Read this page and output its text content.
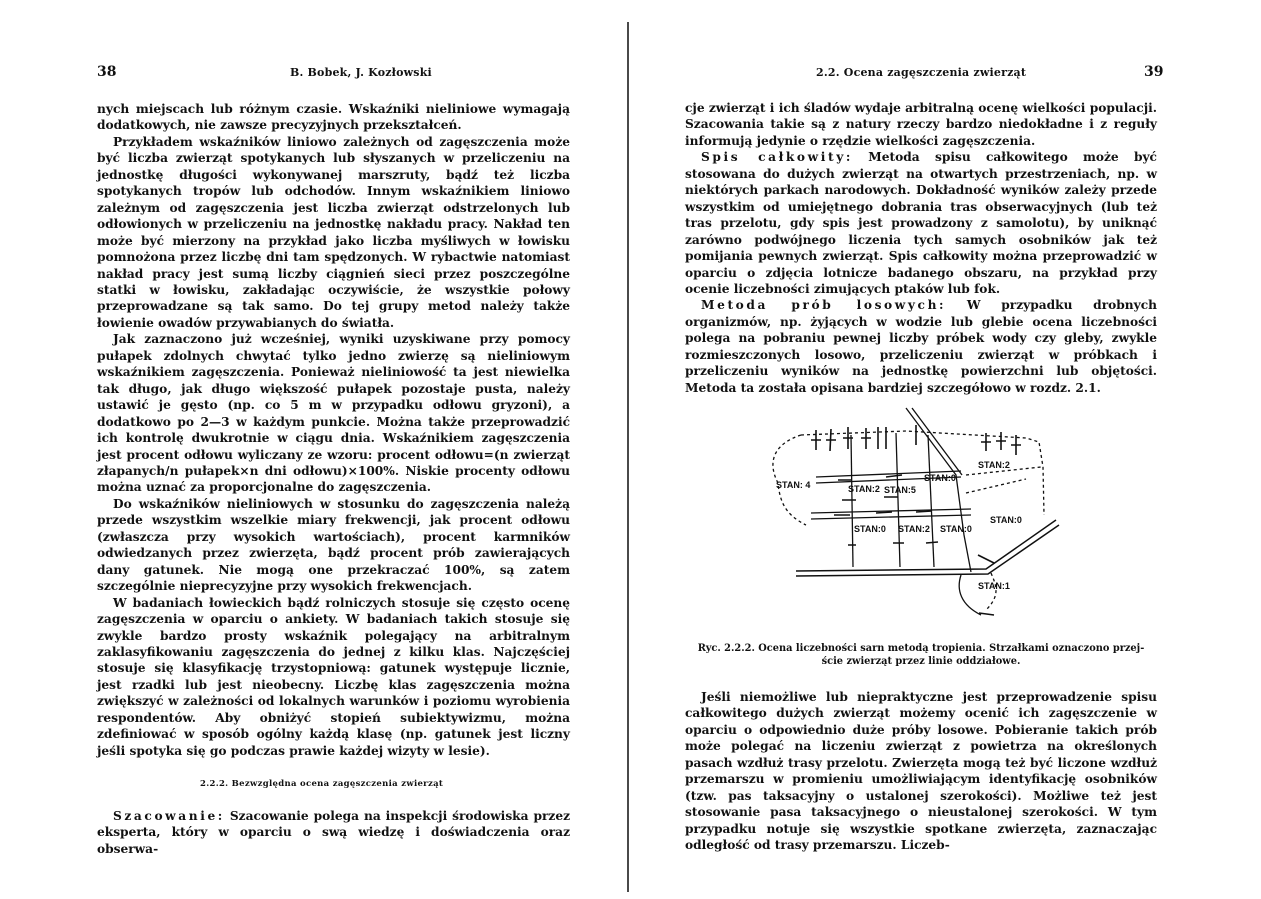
38	B. Bobek, J. Kozłowski

nych miejscach lub różnym czasie. Wskaźniki nieliniowe wymagają dodatkowych, nie zawsze precyzyjnych przekształceń.

Przykładem wskaźników liniowo zależnych od zagęszczenia może być liczba zwierząt spotykanych lub słyszanych w przeliczeniu na jednostkę długości wykonywanej marszruty, bądź też liczba spotykanych tropów lub odchodów. Innym wskaźnikiem liniowo zależnym od zagęszczenia jest liczba zwierząt odstrzelonych lub odłowionych w przeliczeniu na jednostkę nakładu pracy. Nakład ten może być mierzony na przykład jako liczba myśliwych w łowisku pomnożona przez liczbę dni tam spędzonych. W rybactwie natomiast nakład pracy jest sumą liczby ciągnień sieci przez poszczególne statki w łowisku, zakładając oczywiście, że wszystkie połowy przeprowadzane są tak samo. Do tej grupy metod należy także łowienie owadów przywabianych do światła.

Jak zaznaczono już wcześniej, wyniki uzyskiwane przy pomocy pułapek zdolnych chwytać tylko jedno zwierzę są nieliniowym wskaźnikiem zagęszczenia. Ponieważ nieliniowość ta jest niewielka tak długo, jak długo większość pułapek pozostaje pusta, należy ustawić je gęsto (np. co 5 m w przypadku odłowu gryzoni), a dodatkowo po 2—3 w każdym punkcie. Można także przeprowadzić ich kontrolę dwukrotnie w ciągu dnia. Wskaźnikiem zagęszczenia jest procent odłowu wyliczany ze wzoru: procent odłowu=(n zwierząt złapanych/n pułapek×n dni odłowu)×100%. Niskie procenty odłowu można uznać za proporcjonalne do zagęszczenia.

Do wskaźników nieliniowych w stosunku do zagęszczenia należą przede wszystkim wszelkie miary frekwencji, jak procent odłowu (zwłaszcza przy wysokich wartościach), procent karmników odwiedzanych przez zwierzęta, bądź procent prób zawierających dany gatunek. Nie mogą one przekraczać 100%, są zatem szczególnie nieprecyzyjne przy wysokich frekwencjach.

W badaniach łowieckich bądź rolniczych stosuje się często ocenę zagęszczenia w oparciu o ankiety. W badaniach takich stosuje się zwykle bardzo prosty wskaźnik polegający na arbitralnym zaklasyfikowaniu zagęszczenia do jednej z kilku klas. Najczęściej stosuje się klasyfikację trzystopniową: gatunek występuje licznie, jest rzadki lub jest nieobecny. Liczbę klas zagęszczenia można zwiększyć w zależności od lokalnych warunków i poziomu wyrobienia respondentów. Aby obniżyć stopień subiektywizmu, można zdefiniować w sposób ogólny każdą klasę (np. gatunek jest liczny jeśli spotyka się go podczas prawie każdej wizyty w lesie).

2.2.2. Bezwzględna ocena zagęszczenia zwierząt

Szacowanie: Szacowanie polega na inspekcji środowiska przez eksperta, który w oparciu o swą wiedzę i doświadczenia oraz obserwa-

2.2. Ocena zagęszczenia zwierząt	39

cje zwierząt i ich śladów wydaje arbitralną ocenę wielkości populacji. Szacowania takie są z natury rzeczy bardzo niedokładne i z reguły informują jedynie o rzędzie wielkości zagęszczenia.

Spis całkowity: Metoda spisu całkowitego może być stosowana do dużych zwierząt na otwartych przestrzeniach, np. w niektórych parkach narodowych. Dokładność wyników zależy przede wszystkim od umiejętnego dobrania tras obserwacyjnych (lub też tras przelotu, gdy spis jest prowadzony z samolotu), by uniknąć zarówno podwójnego liczenia tych samych osobników jak też pomijania pewnych zwierząt. Spis całkowity można przeprowadzić w oparciu o zdjęcia lotnicze badanego obszaru, na przykład przy ocenie liczebności zimujących ptaków lub fok.

Metoda prób losowych: W przypadku drobnych organizmów, np. żyjących w wodzie lub glebie ocena liczebności polega na pobraniu pewnej liczby próbek wody czy gleby, zwykle rozmieszczonych losowo, przeliczeniu zwierząt w próbkach i przeliczeniu wyników na jednostkę powierzchni lub objętości. Metoda ta została opisana bardziej szczegółowo w rozdz. 2.1.

STAN: 4
STAN:2
STAN:2 STAN:5
STAN:0
STAN:0 STAN:2 STAN:0
STAN:0
STAN:1
Ryc. 2.2.2. Ocena liczebności sarn metodą tropienia. Strzałkami oznaczono przej-
ście zwierząt przez linie oddziałowe.

Jeśli niemożliwe lub niepraktyczne jest przeprowadzenie spisu całkowitego dużych zwierząt możemy ocenić ich zagęszczenie w oparciu o odpowiednio duże próby losowe. Pobieranie takich prób może polegać na liczeniu zwierząt z powietrza na określonych pasach wzdłuż trasy przelotu. Zwierzęta mogą też być liczone wzdłuż przemarszu w promieniu umożliwiającym identyfikację osobników (tzw. pas taksacyjny o ustalonej szerokości). Możliwe też jest stosowanie pasa taksacyjnego o nieustalonej szerokości. W tym przypadku notuje się wszystkie spotkane zwierzęta, zaznaczając odległość od trasy przemarszu. Liczeb-
